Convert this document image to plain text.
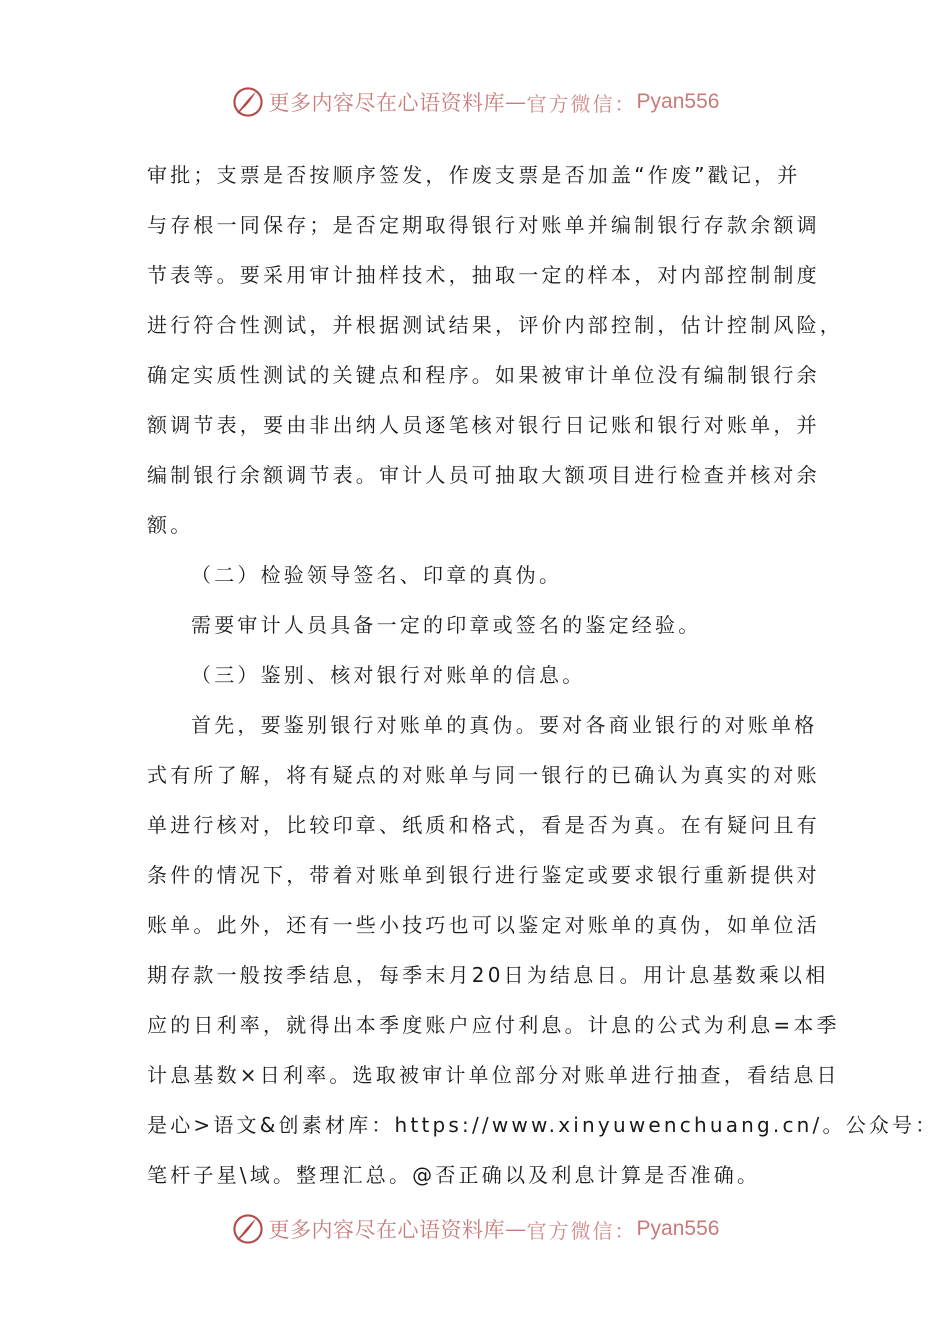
更多内容尽在心语资料库 — 官方微信： Pyan556
审批；支票是否按顺序签发，作废支票是否加盖“作废”戳记，并
与存根一同保存；是否定期取得银行对账单并编制银行存款余额调
节表等。要采用审计抽样技术，抽取一定的样本，对内部控制制度
进行符合性测试，并根据测试结果，评价内部控制，估计控制风险，
确定实质性测试的关键点和程序。如果被审计单位没有编制银行余
额调节表，要由非出纳人员逐笔核对银行日记账和银行对账单，并
编制银行余额调节表。审计人员可抽取大额项目进行检查并核对余
额。
（二）检验领导签名、印章的真伪。
需要审计人员具备一定的印章或签名的鉴定经验。
（三）鉴别、核对银行对账单的信息。
首先，要鉴别银行对账单的真伪。要对各商业银行的对账单格
式有所了解，将有疑点的对账单与同一银行的已确认为真实的对账
单进行核对，比较印章、纸质和格式，看是否为真。在有疑问且有
条件的情况下，带着对账单到银行进行鉴定或要求银行重新提供对
账单。此外，还有一些小技巧也可以鉴定对账单的真伪，如单位活
期存款一般按季结息，每季末月20日为结息日。用计息基数乘以相
应的日利率，就得出本季度账户应付利息。计息的公式为利息=本季
计息基数×日利率。选取被审计单位部分对账单进行抽查，看结息日
是心>语文&创素材库：https://www.xinyuwenchuang.cn/。公众号：
笔杆子星\域。整理汇总。@否正确以及利息计算是否准确。
更多内容尽在心语资料库 — 官方微信： Pyan556
